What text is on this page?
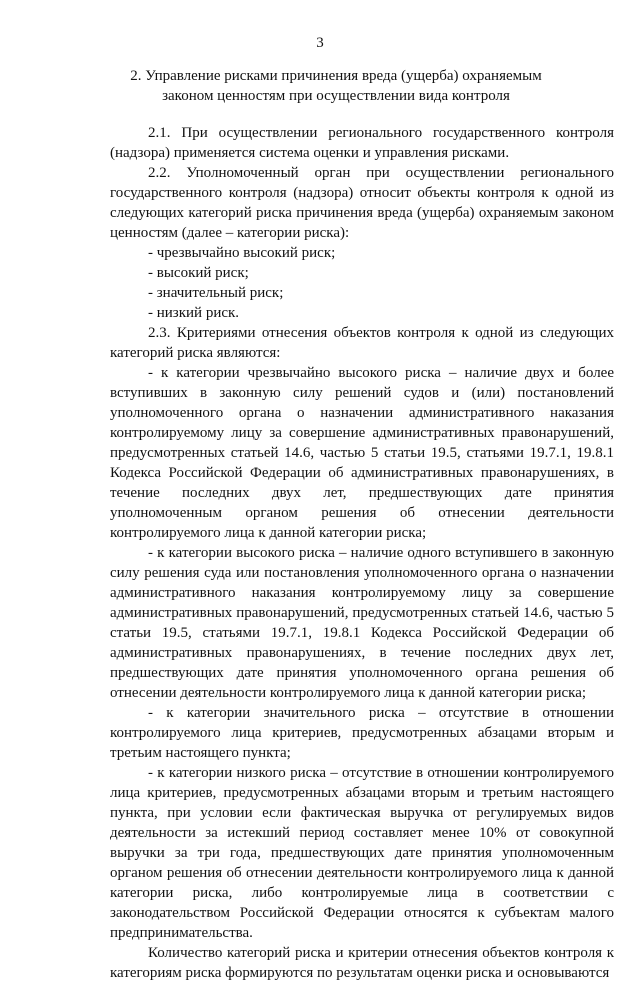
3
2. Управление рисками причинения вреда (ущерба) охраняемым законом ценностям при осуществлении вида контроля

2.1. При осуществлении регионального государственного контроля (надзора) применяется система оценки и управления рисками.

2.2. Уполномоченный орган при осуществлении регионального государственного контроля (надзора) относит объекты контроля к одной из следующих категорий риска причинения вреда (ущерба) охраняемым законом ценностям (далее – категории риска):

- чрезвычайно высокий риск;

- высокий риск;

- значительный риск;

- низкий риск.

2.3. Критериями отнесения объектов контроля к одной из следующих категорий риска являются:

- к категории чрезвычайно высокого риска – наличие двух и более вступивших в законную силу решений судов и (или) постановлений уполномоченного органа о назначении административного наказания контролируемому лицу за совершение административных правонарушений, предусмотренных статьей 14.6, частью 5 статьи 19.5, статьями 19.7.1, 19.8.1 Кодекса Российской Федерации об административных правонарушениях, в течение последних двух лет, предшествующих дате принятия уполномоченным органом решения об отнесении деятельности контролируемого лица к данной категории риска;

- к категории высокого риска – наличие одного вступившего в законную силу решения суда или постановления уполномоченного органа о назначении административного наказания контролируемому лицу за совершение административных правонарушений, предусмотренных статьей 14.6, частью 5 статьи 19.5, статьями 19.7.1, 19.8.1 Кодекса Российской Федерации об административных правонарушениях, в течение последних двух лет, предшествующих дате принятия уполномоченного органа решения об отнесении деятельности контролируемого лица к данной категории риска;

- к категории значительного риска – отсутствие в отношении контролируемого лица критериев, предусмотренных абзацами вторым и третьим настоящего пункта;

- к категории низкого риска – отсутствие в отношении контролируемого лица критериев, предусмотренных абзацами вторым и третьим настоящего пункта, при условии если фактическая выручка от регулируемых видов деятельности за истекший период составляет менее 10% от совокупной выручки за три года, предшествующих дате принятия уполномоченным органом решения об отнесении деятельности контролируемого лица к данной категории риска, либо контролируемые лица в соответствии с законодательством Российской Федерации относятся к субъектам малого предпринимательства.

Количество категорий риска и критерии отнесения объектов контроля к категориям риска формируются по результатам оценки риска и основываются
